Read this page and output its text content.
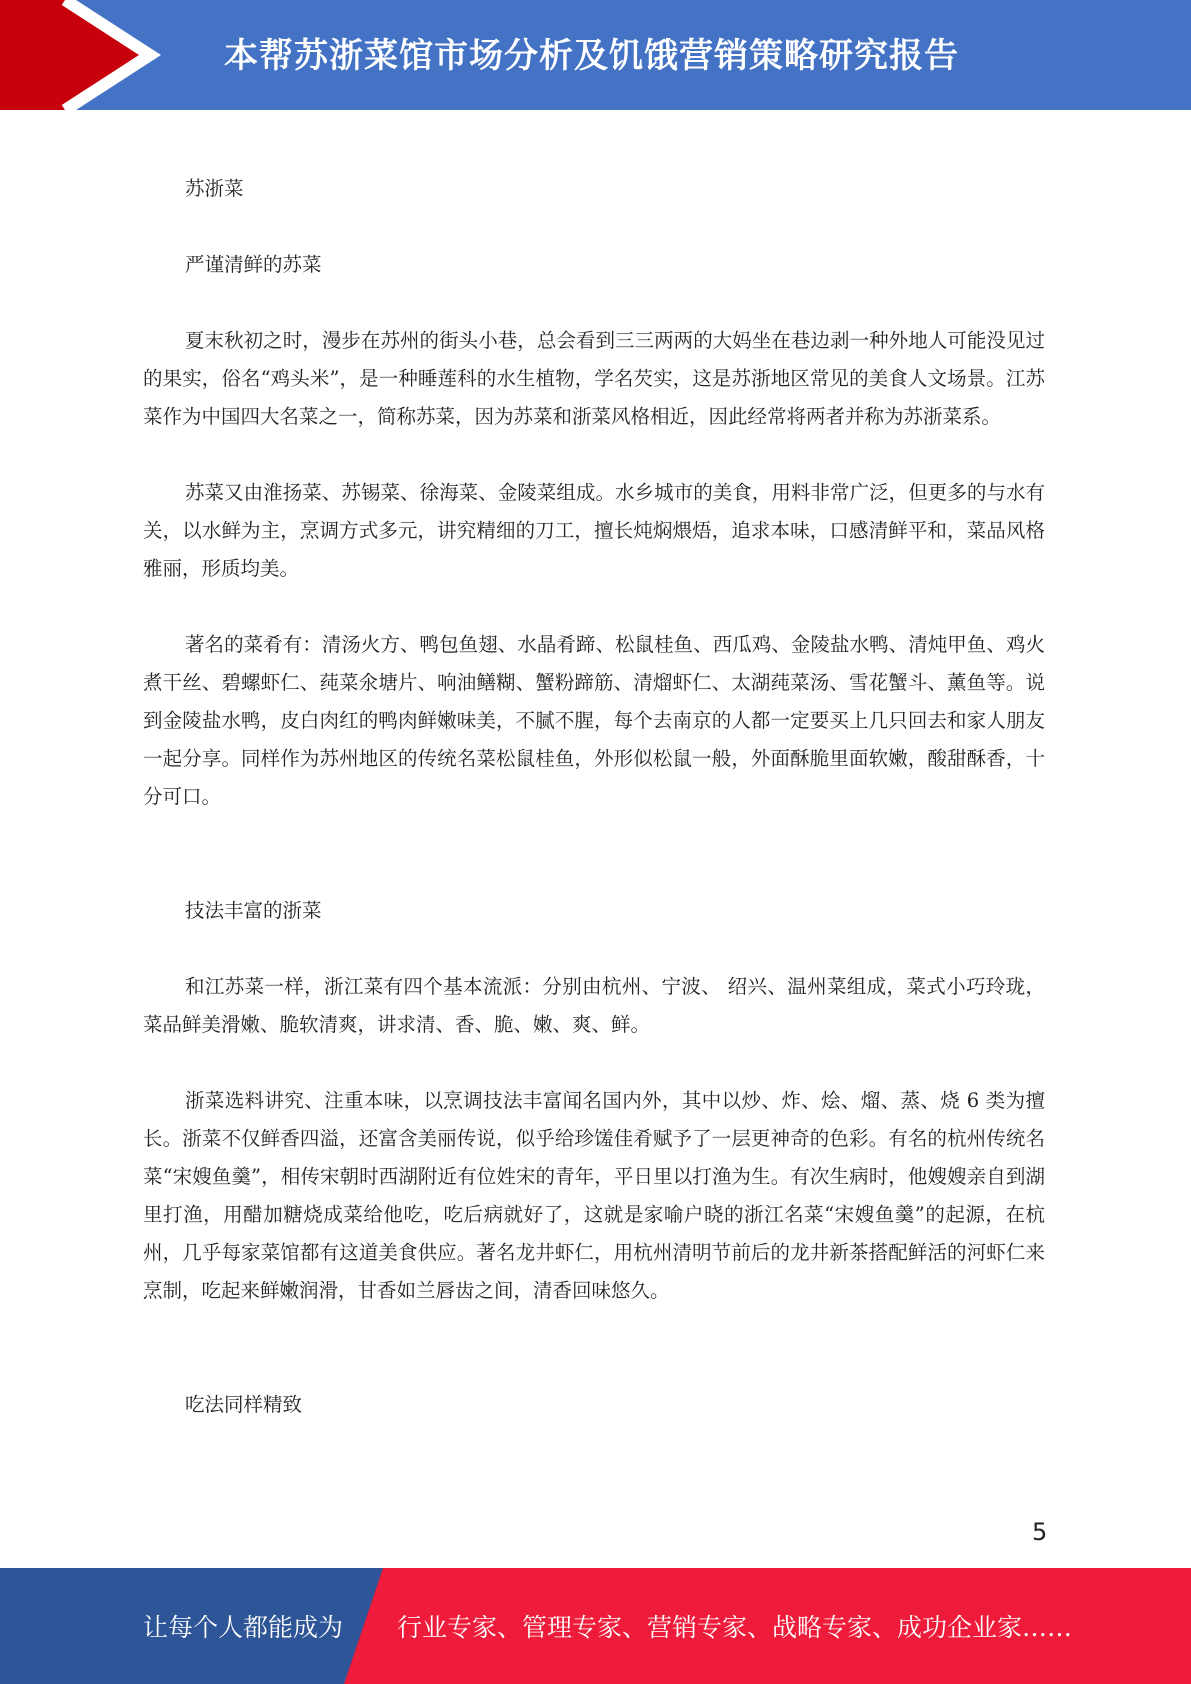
本帮苏浙菜馆市场分析及饥饿营销策略研究报告

苏浙菜

严谨清鲜的苏菜

夏末秋初之时，漫步在苏州的街头小巷，总会看到三三两两的大妈坐在巷边剥一种外地人可能没见过的果实，俗名“鸡头米”，是一种睡莲科的水生植物，学名芡实，这是苏浙地区常见的美食人文场景。江苏菜作为中国四大名菜之一，简称苏菜，因为苏菜和浙菜风格相近，因此经常将两者并称为苏浙菜系。

苏菜又由淮扬菜、苏锡菜、徐海菜、金陵菜组成。水乡城市的美食，用料非常广泛，但更多的与水有关，以水鲜为主，烹调方式多元，讲究精细的刀工，擅长炖焖煨焐，追求本味，口感清鲜平和，菜品风格雅丽，形质均美。

著名的菜肴有：清汤火方、鸭包鱼翅、水晶肴蹄、松鼠桂鱼、西瓜鸡、金陵盐水鸭、清炖甲鱼、鸡火煮干丝、碧螺虾仁、莼菜氽塘片、响油鳝糊、蟹粉蹄筋、清熘虾仁、太湖莼菜汤、雪花蟹斗、薰鱼等。说到金陵盐水鸭，皮白肉红的鸭肉鲜嫩味美，不腻不腥，每个去南京的人都一定要买上几只回去和家人朋友一起分享。同样作为苏州地区的传统名菜松鼠桂鱼，外形似松鼠一般，外面酥脆里面软嫩，酸甜酥香，十分可口。

技法丰富的浙菜

和江苏菜一样，浙江菜有四个基本流派：分别由杭州、宁波、 绍兴、温州菜组成，菜式小巧玲珑，菜品鲜美滑嫩、脆软清爽，讲求清、香、脆、嫩、爽、鲜。

浙菜选料讲究、注重本味，以烹调技法丰富闻名国内外，其中以炒、炸、烩、熘、蒸、烧 6 类为擅长。浙菜不仅鲜香四溢，还富含美丽传说，似乎给珍馐佳肴赋予了一层更神奇的色彩。有名的杭州传统名菜“宋嫂鱼羹”，相传宋朝时西湖附近有位姓宋的青年，平日里以打渔为生。有次生病时，他嫂嫂亲自到湖里打渔，用醋加糖烧成菜给他吃，吃后病就好了，这就是家喻户晓的浙江名菜“宋嫂鱼羹”的起源，在杭州，几乎每家菜馆都有这道美食供应。著名龙井虾仁，用杭州清明节前后的龙井新茶搭配鲜活的河虾仁来烹制，吃起来鲜嫩润滑，甘香如兰唇齿之间，清香回味悠久。

吃法同样精致

5
让每个人都能成为 行业专家、管理专家、营销专家、战略专家、成功企业家……
